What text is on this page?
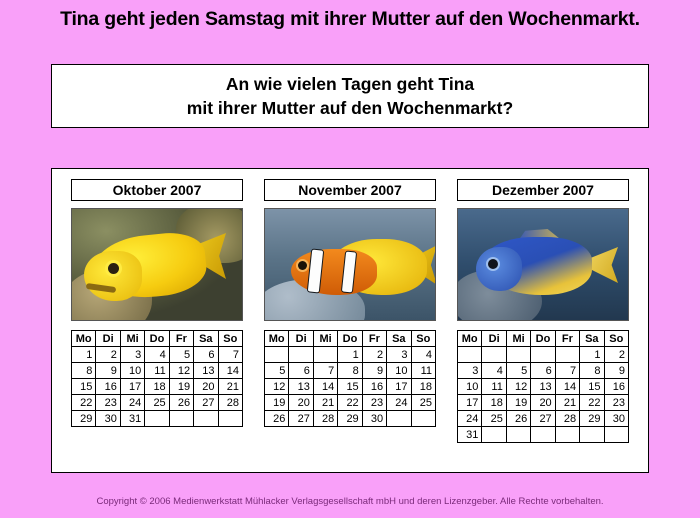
Tina geht jeden Samstag mit ihrer Mutter auf den Wochenmarkt.
An wie vielen Tagen geht Tina
mit ihrer Mutter auf den Wochenmarkt?
Oktober 2007
Mo	Di	Mi	Do	Fr	Sa	So
1	2	3	4	5	6	7
8	9	10	11	12	13	14
15	16	17	18	19	20	21
22	23	24	25	26	27	28
29	30	31				
November 2007
Mo	Di	Mi	Do	Fr	Sa	So
			1	2	3	4
5	6	7	8	9	10	11
12	13	14	15	16	17	18
19	20	21	22	23	24	25
26	27	28	29	30		
Dezember 2007
Mo	Di	Mi	Do	Fr	Sa	So
					1	2
3	4	5	6	7	8	9
10	11	12	13	14	15	16
17	18	19	20	21	22	23
24	25	26	27	28	29	30
31						
Copyright © 2006 Medienwerkstatt Mühlacker Verlagsgesellschaft mbH und deren Lizenzgeber. Alle Rechte vorbehalten.
